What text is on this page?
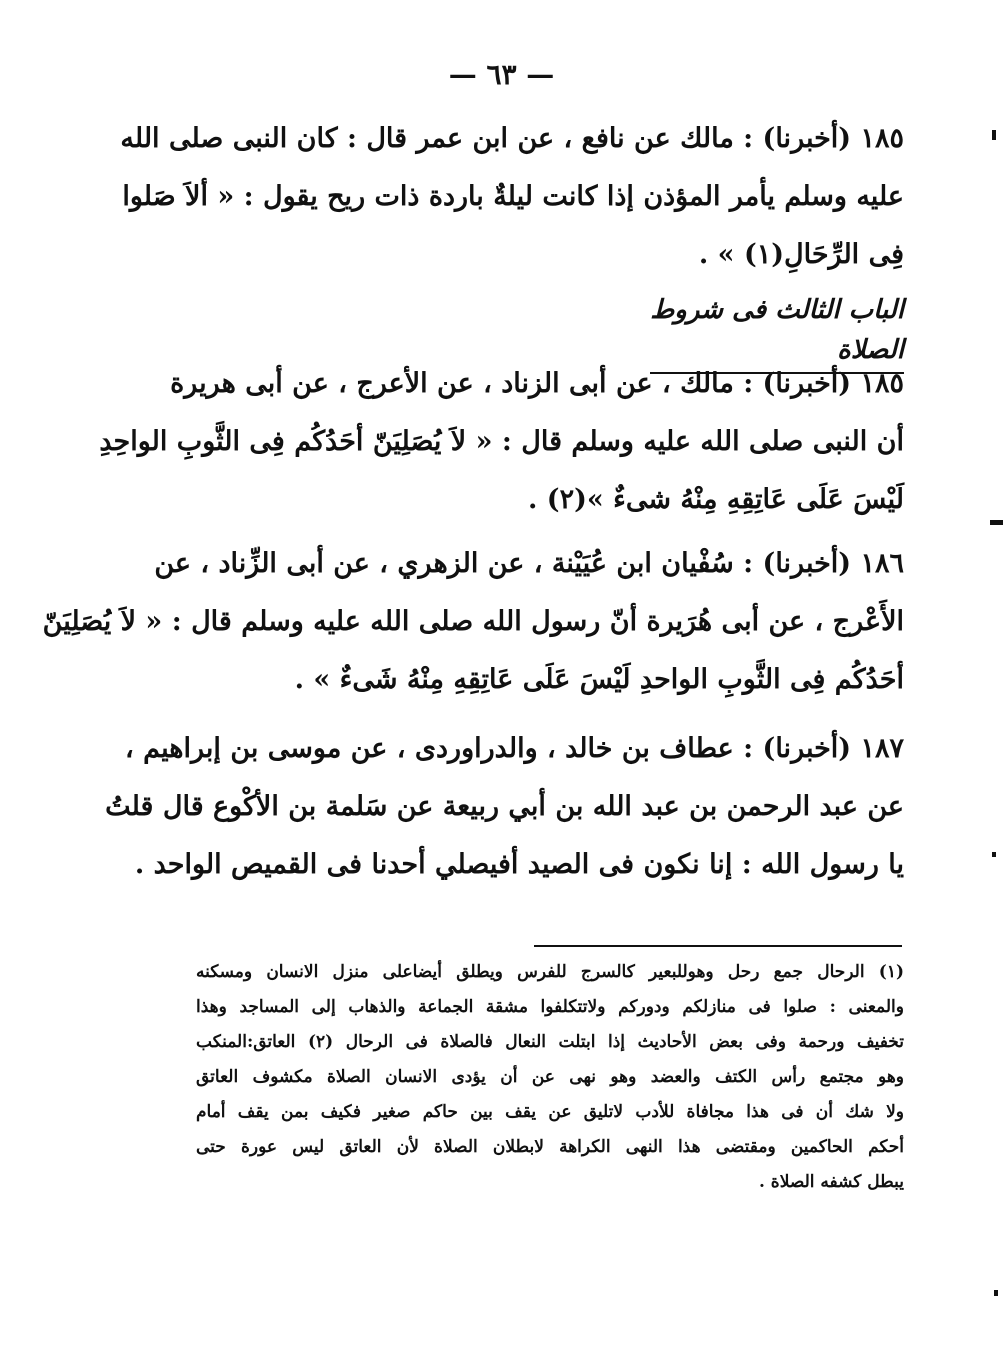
— ٦٣ —
١٨٥ (أخبرنا) : مالك عن نافع ، عن ابن عمر قال : كان النبى صلى الله
عليه وسلم يأمر المؤذن إذا كانت ليلةٌ باردة ذات ريح يقول : « ألاَ صَلوا
فِى الرِّحَالِ(١) » .
الباب الثالث فى شروط الصلاة
١٨٥ (أخبرنا) : مالك ، عن أبى الزناد ، عن الأعرج ، عن أبى هريرة
أن النبى صلى الله عليه وسلم قال : « لاَ يُصَلِيَنّ أحَدُكُم فِى الثَّوبِ الواحِدِ
لَيْسَ عَلَى عَاتِقِهِ مِنْهُ شىءٌ »(٢) .
١٨٦ (أخبرنا) : سُفْيان ابن عُيَيْنة ، عن الزهري ، عن أبى الزِّناد ، عن
الأَعْرج ، عن أبى هُرَيرة أنّ رسول الله صلى الله عليه وسلم قال : « لاَ يُصَلِيَنّ
أحَدُكُم فِى الثَّوبِ الواحدِ لَيْسَ عَلَى عَاتِقِهِ مِنْهُ شَىءٌ » .
١٨٧ (أخبرنا) : عطاف بن خالد ، والدراوردى ، عن موسى بن إبراهيم ،
عن عبد الرحمن بن عبد الله بن أبي ربيعة عن سَلمة بن الأكْوع قال قلتُ
يا رسول الله : إنا نكون فى الصيد أفيصلي أحدنا فى القميص الواحد .
(١) الرحال جمع رحل وهوللبعير كالسرج للفرس ويطلق أيضاعلى منزل الانسان ومسكنه
والمعنى : صلوا فى منازلكم ودوركم ولاتتكلفوا مشقة الجماعة والذهاب إلى المساجد وهذا
تخفيف ورحمة وفى بعض الأحاديث إذا ابتلت النعال فالصلاة فى الرحال (٢) العاتق:المنكب
وهو مجتمع رأس الكتف والعضد وهو نهى عن أن يؤدى الانسان الصلاة مكشوف العاتق
ولا شك أن فى هذا مجافاة للأدب لاتليق عن يقف بين حاكم صغير فكيف بمن يقف أمام
أحكم الحاكمين ومقتضى هذا النهى الكراهة لابطلان الصلاة لأن العاتق ليس عورة حتى
يبطل كشفه الصلاة .
